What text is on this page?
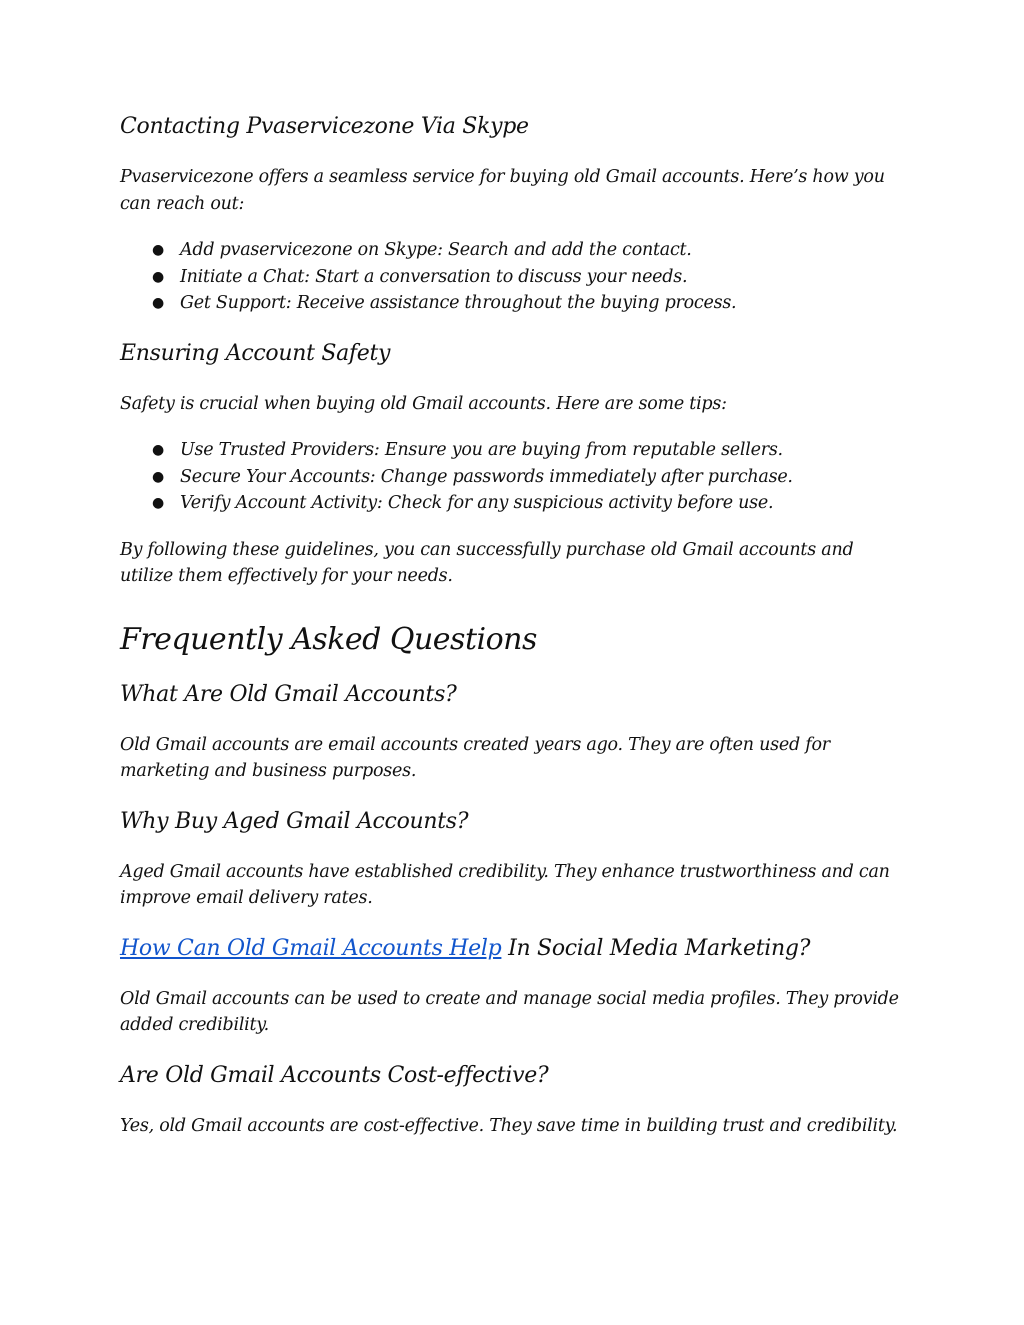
Contacting Pvaservicezone Via Skype

Pvaservicezone offers a seamless service for buying old Gmail accounts. Here’s how you can reach out:

● Add pvaservicezone on Skype: Search and add the contact.
● Initiate a Chat: Start a conversation to discuss your needs.
● Get Support: Receive assistance throughout the buying process.
Ensuring Account Safety

Safety is crucial when buying old Gmail accounts. Here are some tips:

● Use Trusted Providers: Ensure you are buying from reputable sellers.
● Secure Your Accounts: Change passwords immediately after purchase.
● Verify Account Activity: Check for any suspicious activity before use.

By following these guidelines, you can successfully purchase old Gmail accounts and utilize them effectively for your needs.

Frequently Asked Questions
What Are Old Gmail Accounts?

Old Gmail accounts are email accounts created years ago. They are often used for marketing and business purposes.

Why Buy Aged Gmail Accounts?

Aged Gmail accounts have established credibility. They enhance trustworthiness and can improve email delivery rates.

How Can Old Gmail Accounts Help In Social Media Marketing?

Old Gmail accounts can be used to create and manage social media profiles. They provide added credibility.

Are Old Gmail Accounts Cost-effective?

Yes, old Gmail accounts are cost-effective. They save time in building trust and credibility.
